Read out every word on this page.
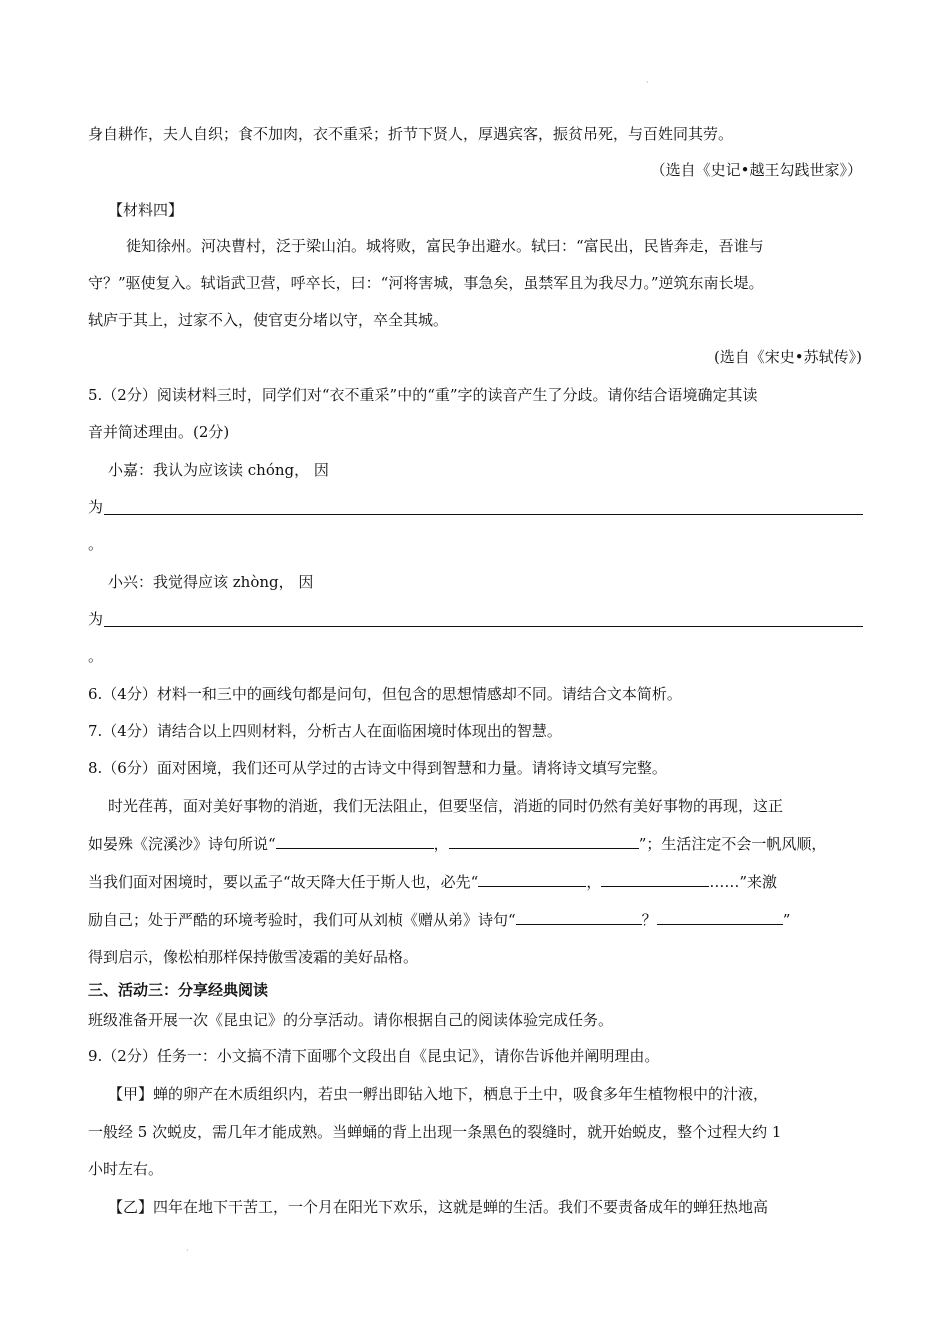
·
身自耕作，夫人自织；食不加肉，衣不重采；折节下贤人，厚遇宾客，振贫吊死，与百姓同其劳。
（选自《史记•越王勾践世家》）
【材料四】
徙知徐州。河决曹村，泛于梁山泊。城将败，富民争出避水。轼曰：“富民出，民皆奔走，吾谁与
守？”驱使复入。轼诣武卫营，呼卒长，曰：“河将害城，事急矣，虽禁军且为我尽力。”逆筑东南长堤。
轼庐于其上，过家不入，使官吏分堵以守，卒全其城。
(选自《宋史•苏轼传》)
5.（2分）阅读材料三时，同学们对“衣不重采”中的“重”字的读音产生了分歧。请你结合语境确定其读
音并简述理由。(2分)
小嘉：我认为应该读 chóng， 因
为
。
小兴：我觉得应该 zhòng， 因
为
。
6.（4分）材料一和三中的画线句都是问句，但包含的思想情感却不同。请结合文本简析。
7.（4分）请结合以上四则材料，分析古人在面临困境时体现出的智慧。
8.（6分）面对困境，我们还可从学过的古诗文中得到智慧和力量。请将诗文填写完整。
时光荏苒，面对美好事物的消逝，我们无法阻止，但要坚信，消逝的同时仍然有美好事物的再现，这正
如晏殊《浣溪沙》诗句所说“	，	”；生活注定不会一帆风顺，
当我们面对困境时，要以孟子“故天降大任于斯人也，必先“	，	……”来激
励自己；处于严酷的环境考验时，我们可从刘桢《赠从弟》诗句“	？	”
得到启示，像松柏那样保持傲雪凌霜的美好品格。
三、活动三：分享经典阅读
班级准备开展一次《昆虫记》的分享活动。请你根据自己的阅读体验完成任务。
9.（2分）任务一：小文搞不清下面哪个文段出自《昆虫记》，请你告诉他并阐明理由。
【甲】蝉的卵产在木质组织内，若虫一孵出即钻入地下，栖息于土中，吸食多年生植物根中的汁液，
一般经 5 次蜕皮，需几年才能成熟。当蝉蛹的背上出现一条黑色的裂缝时，就开始蜕皮，整个过程大约 1
小时左右。
【乙】四年在地下干苦工，一个月在阳光下欢乐，这就是蝉的生活。我们不要责备成年的蝉狂热地高
·
